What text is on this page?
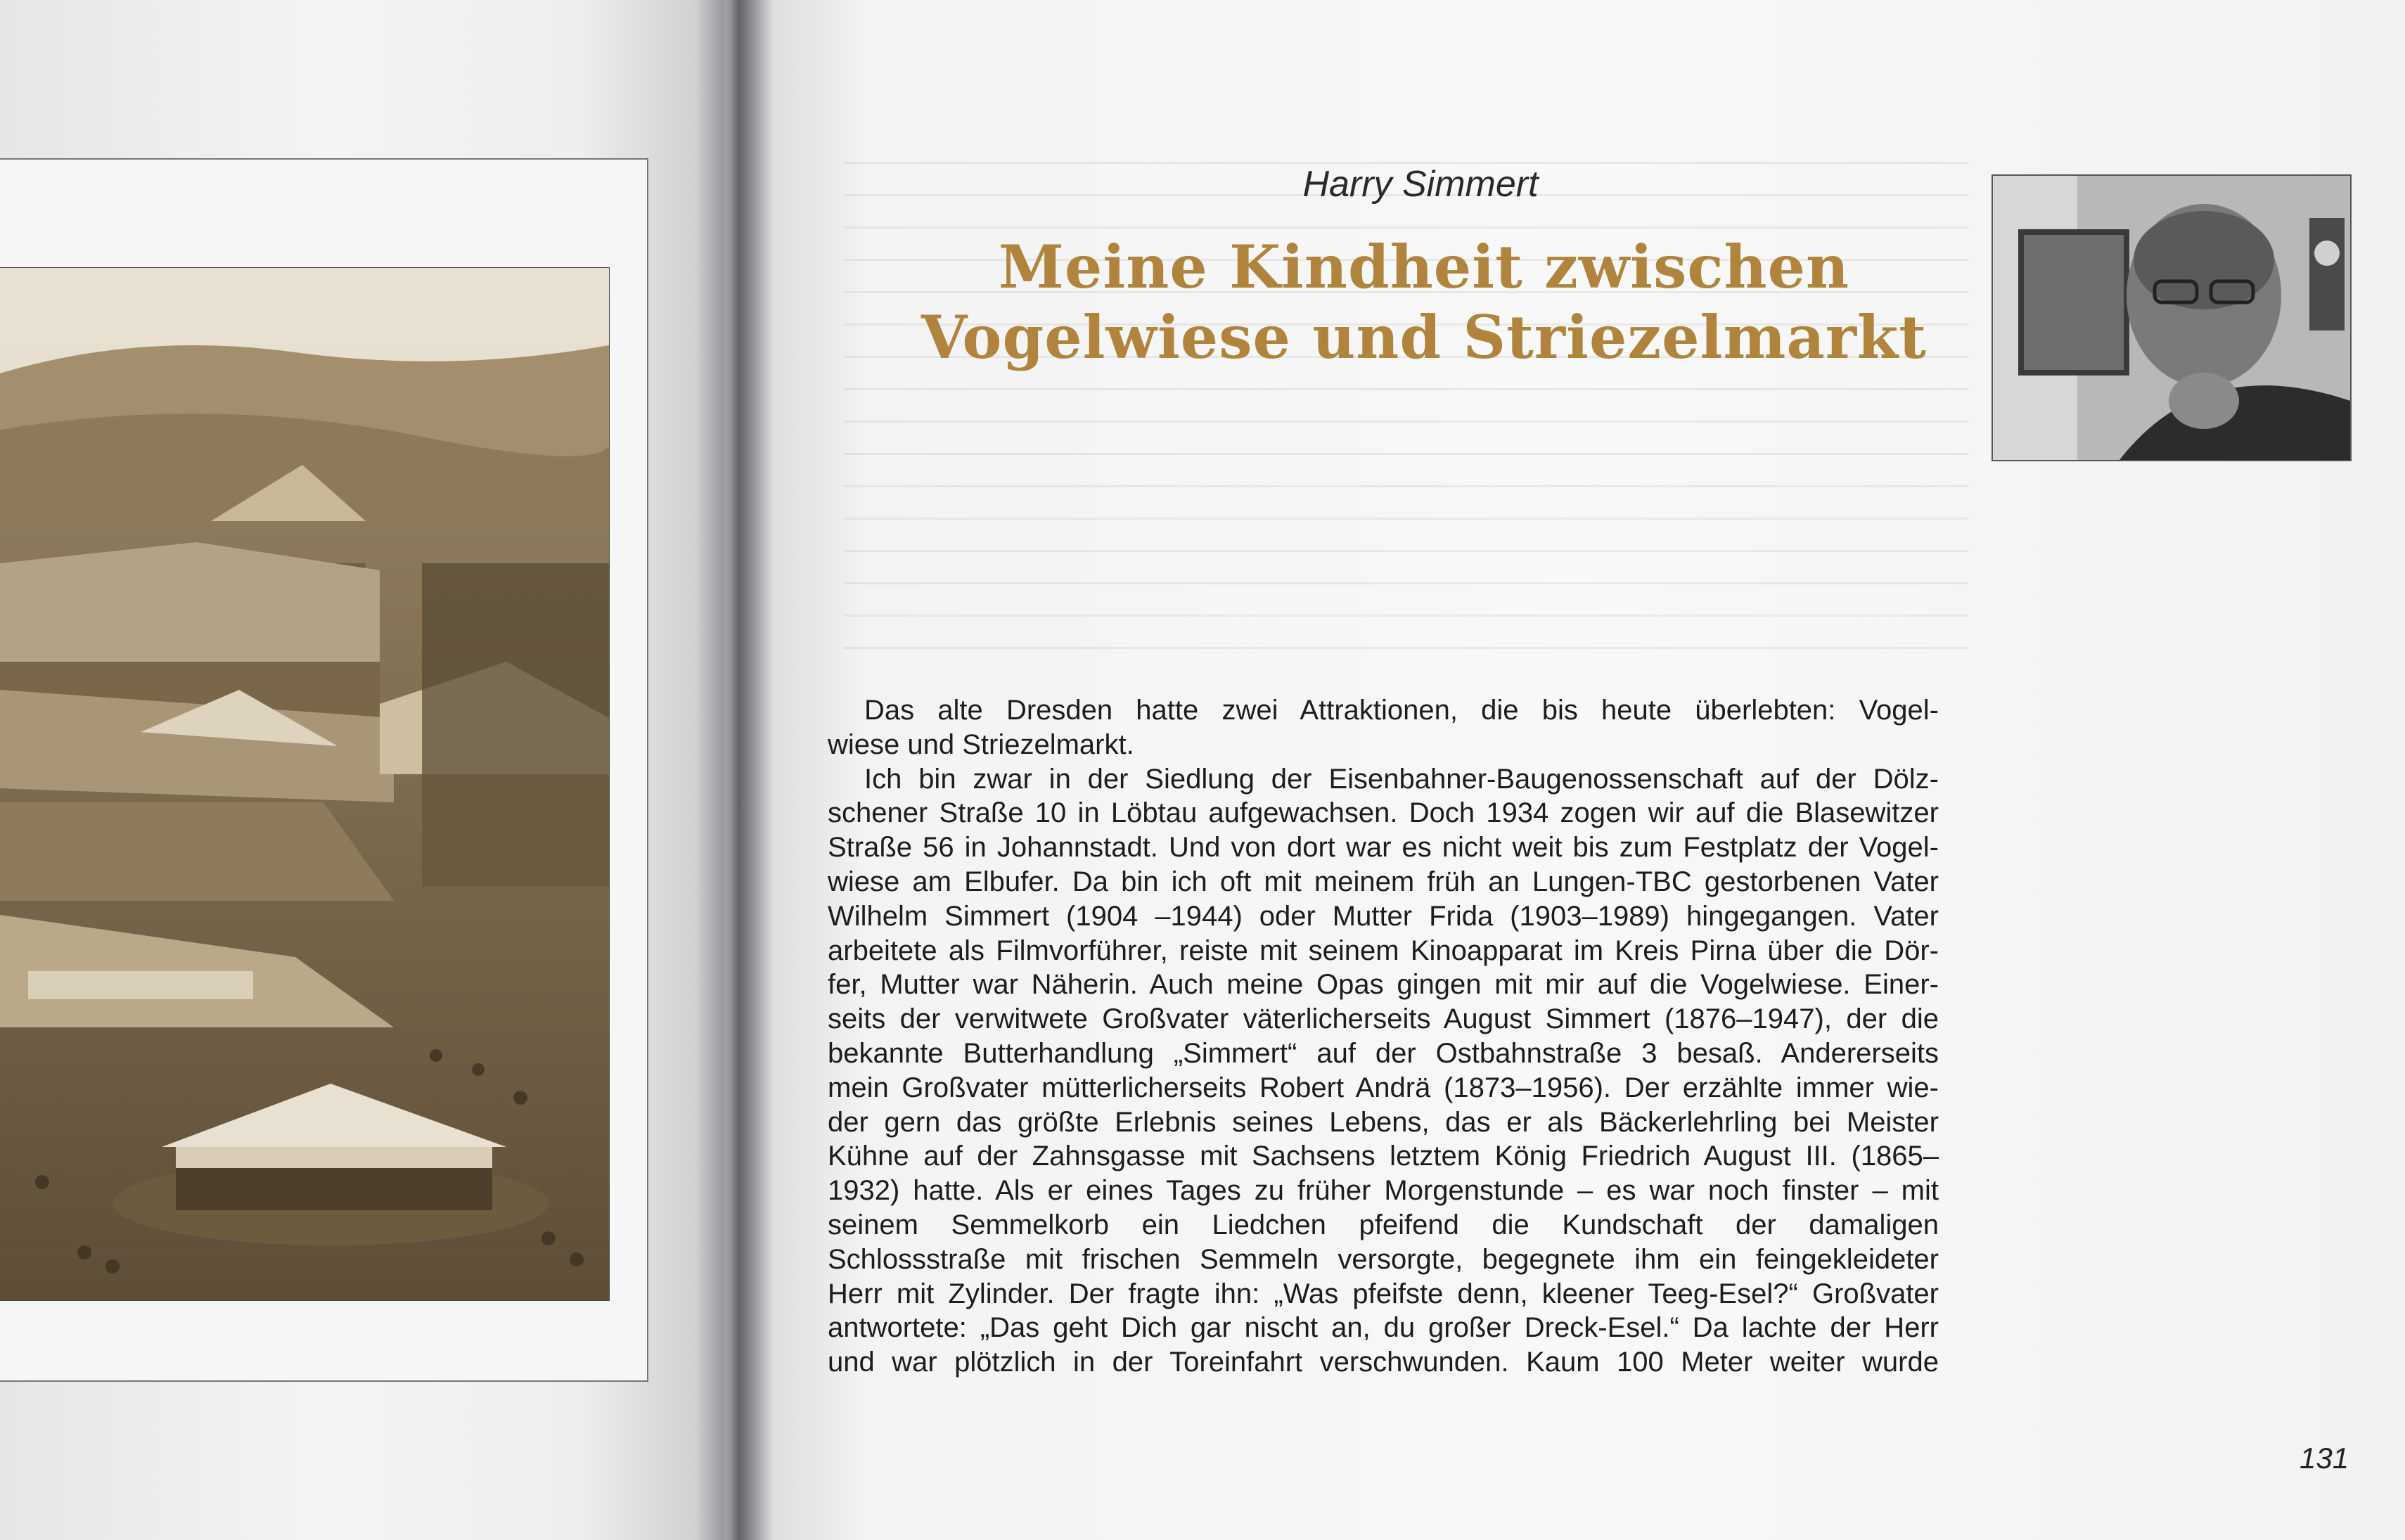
Harry Simmert
Meine Kindheit zwischen
Vogelwiese und Striezelmarkt
Das alte Dresden hatte zwei Attraktionen, die bis heute überlebten: Vogel-
wiese und Striezelmarkt.
Ich bin zwar in der Siedlung der Eisenbahner-Baugenossenschaft auf der Dölz-
schener Straße 10 in Löbtau aufgewachsen. Doch 1934 zogen wir auf die Blasewitzer
Straße 56 in Johannstadt. Und von dort war es nicht weit bis zum Festplatz der Vogel-
wiese am Elbufer. Da bin ich oft mit meinem früh an Lungen-TBC gestorbenen Vater
Wilhelm Simmert (1904 –1944) oder Mutter Frida (1903–1989) hingegangen. Vater
arbeitete als Filmvorführer, reiste mit seinem Kinoapparat im Kreis Pirna über die Dör-
fer, Mutter war Näherin. Auch meine Opas gingen mit mir auf die Vogelwiese. Einer-
seits der verwitwete Großvater väterlicherseits August Simmert (1876–1947), der die
bekannte Butterhandlung „Simmert“ auf der Ostbahnstraße 3 besaß. Andererseits
mein Großvater mütterlicherseits Robert Andrä (1873–1956). Der erzählte immer wie-
der gern das größte Erlebnis seines Lebens, das er als Bäckerlehrling bei Meister
Kühne auf der Zahnsgasse mit Sachsens letztem König Friedrich August III. (1865–
1932) hatte. Als er eines Tages zu früher Morgenstunde – es war noch finster – mit
seinem Semmelkorb ein Liedchen pfeifend die Kundschaft der damaligen
Schlossstraße mit frischen Semmeln versorgte, begegnete ihm ein feingekleideter
Herr mit Zylinder. Der fragte ihn: „Was pfeifste denn, kleener Teeg-Esel?“ Großvater
antwortete: „Das geht Dich gar nischt an, du großer Dreck-Esel.“ Da lachte der Herr
und war plötzlich in der Toreinfahrt verschwunden. Kaum 100 Meter weiter wurde
131
